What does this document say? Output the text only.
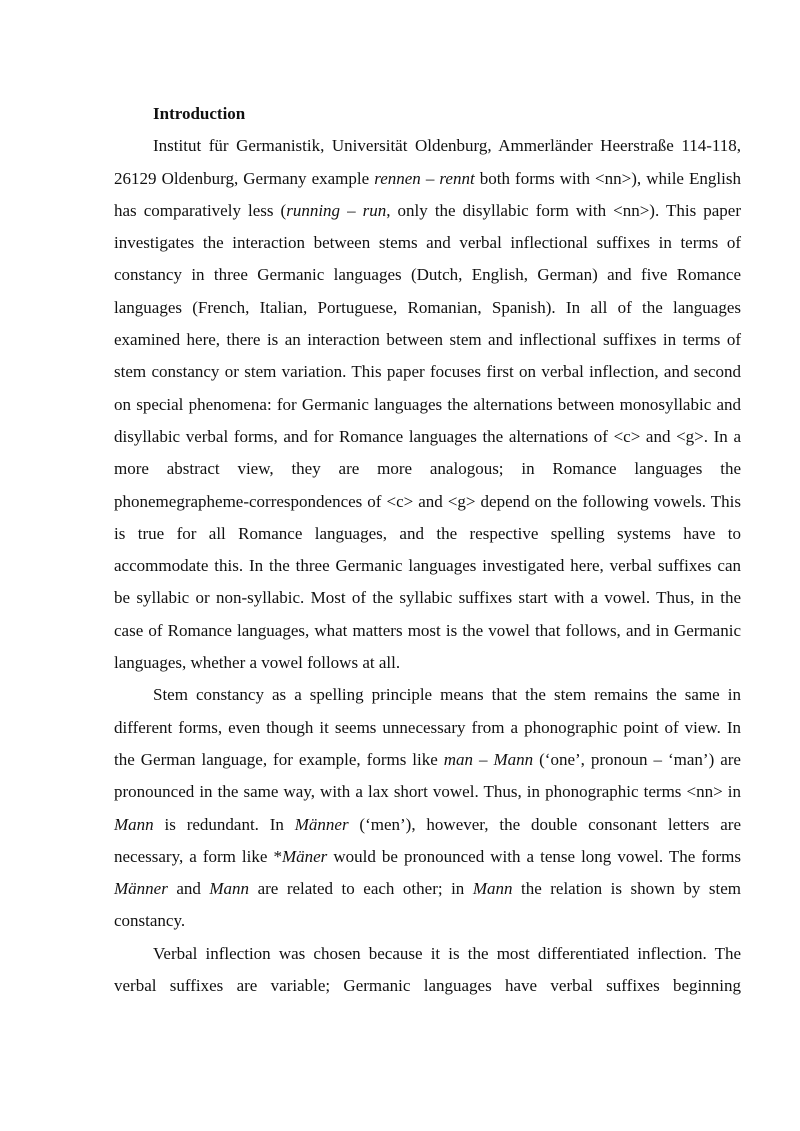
Introduction

Institut für Germanistik, Universität Oldenburg, Ammerländer Heerstraße 114-118, 26129 Oldenburg, Germany example rennen – rennt both forms with <nn>), while English has comparatively less (running – run, only the disyllabic form with <nn>). This paper investigates the interaction between stems and verbal inflectional suffixes in terms of constancy in three Germanic languages (Dutch, English, German) and five Romance languages (French, Italian, Portuguese, Romanian, Spanish). In all of the languages examined here, there is an interaction between stem and inflectional suffixes in terms of stem constancy or stem variation. This paper focuses first on verbal inflection, and second on special phenomena: for Germanic languages the alternations between monosyllabic and disyllabic verbal forms, and for Romance languages the alternations of <c> and <g>. In a more abstract view, they are more analogous; in Romance languages the phonemegrapheme-correspondences of <c> and <g> depend on the following vowels. This is true for all Romance languages, and the respective spelling systems have to accommodate this. In the three Germanic languages investigated here, verbal suffixes can be syllabic or non-syllabic. Most of the syllabic suffixes start with a vowel. Thus, in the case of Romance languages, what matters most is the vowel that follows, and in Germanic languages, whether a vowel follows at all.

Stem constancy as a spelling principle means that the stem remains the same in different forms, even though it seems unnecessary from a phonographic point of view. In the German language, for example, forms like man – Mann (‘one’, pronoun – ‘man’) are pronounced in the same way, with a lax short vowel. Thus, in phonographic terms <nn> in Mann is redundant. In Männer (‘men’), however, the double consonant letters are necessary, a form like *Mäner would be pronounced with a tense long vowel. The forms Männer and Mann are related to each other; in Mann the relation is shown by stem constancy.

Verbal inflection was chosen because it is the most differentiated inflection. The verbal suffixes are variable; Germanic languages have verbal suffixes beginning
